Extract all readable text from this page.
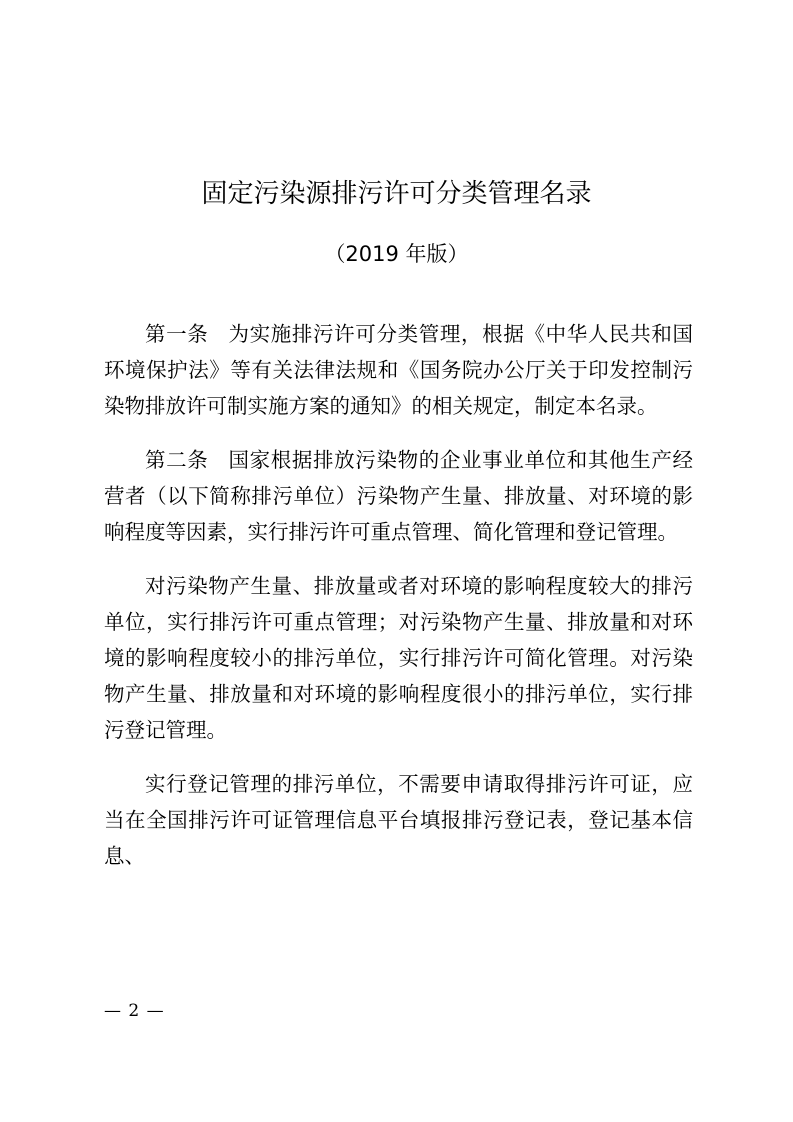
固定污染源排污许可分类管理名录
（2019 年版）

第一条 为实施排污许可分类管理，根据《中华人民共和国环境保护法》等有关法律法规和《国务院办公厅关于印发控制污染物排放许可制实施方案的通知》的相关规定，制定本名录。

第二条 国家根据排放污染物的企业事业单位和其他生产经营者（以下简称排污单位）污染物产生量、排放量、对环境的影响程度等因素，实行排污许可重点管理、简化管理和登记管理。

对污染物产生量、排放量或者对环境的影响程度较大的排污单位，实行排污许可重点管理；对污染物产生量、排放量和对环境的影响程度较小的排污单位，实行排污许可简化管理。对污染物产生量、排放量和对环境的影响程度很小的排污单位，实行排污登记管理。

实行登记管理的排污单位，不需要申请取得排污许可证，应当在全国排污许可证管理信息平台填报排污登记表，登记基本信息、

— 2 —
